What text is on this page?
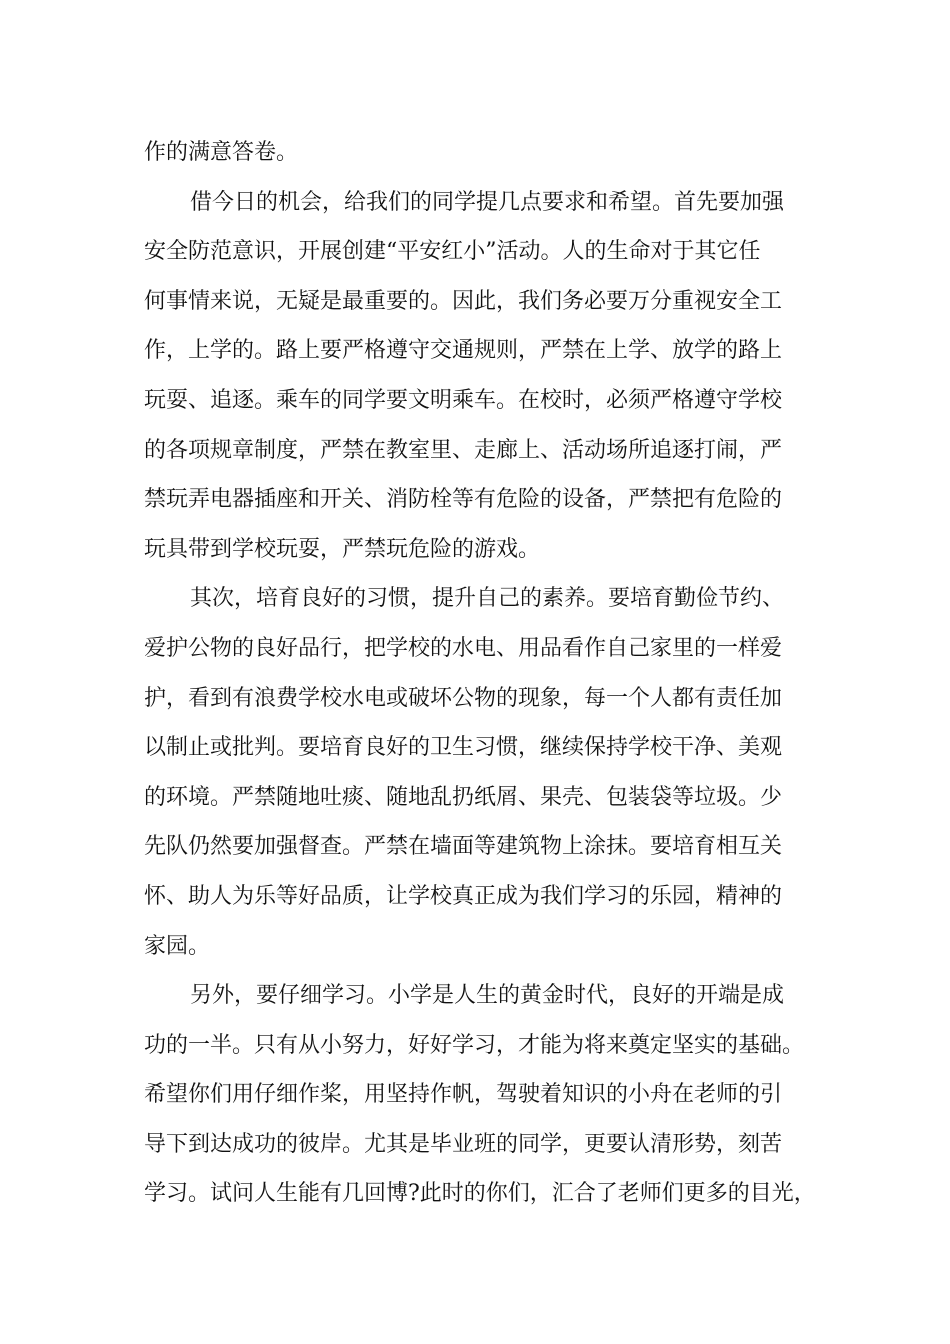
作的满意答卷。
借今日的机会，给我们的同学提几点要求和希望。首先要加强
安全防范意识，开展创建“平安红小”活动。人的生命对于其它任
何事情来说，无疑是最重要的。因此，我们务必要万分重视安全工
作，上学的。路上要严格遵守交通规则，严禁在上学、放学的路上
玩耍、追逐。乘车的同学要文明乘车。在校时，必须严格遵守学校
的各项规章制度，严禁在教室里、走廊上、活动场所追逐打闹，严
禁玩弄电器插座和开关、消防栓等有危险的设备，严禁把有危险的
玩具带到学校玩耍，严禁玩危险的游戏。
其次，培育良好的习惯，提升自己的素养。要培育勤俭节约、
爱护公物的良好品行，把学校的水电、用品看作自己家里的一样爱
护，看到有浪费学校水电或破坏公物的现象，每一个人都有责任加
以制止或批判。要培育良好的卫生习惯，继续保持学校干净、美观
的环境。严禁随地吐痰、随地乱扔纸屑、果壳、包装袋等垃圾。少
先队仍然要加强督查。严禁在墙面等建筑物上涂抹。要培育相互关
怀、助人为乐等好品质，让学校真正成为我们学习的乐园，精神的
家园。
另外，要仔细学习。小学是人生的黄金时代，良好的开端是成
功的一半。只有从小努力，好好学习，才能为将来奠定坚实的基础。
希望你们用仔细作桨，用坚持作帆，驾驶着知识的小舟在老师的引
导下到达成功的彼岸。尤其是毕业班的同学，更要认清形势，刻苦
学习。试问人生能有几回博?此时的你们，汇合了老师们更多的目光，
